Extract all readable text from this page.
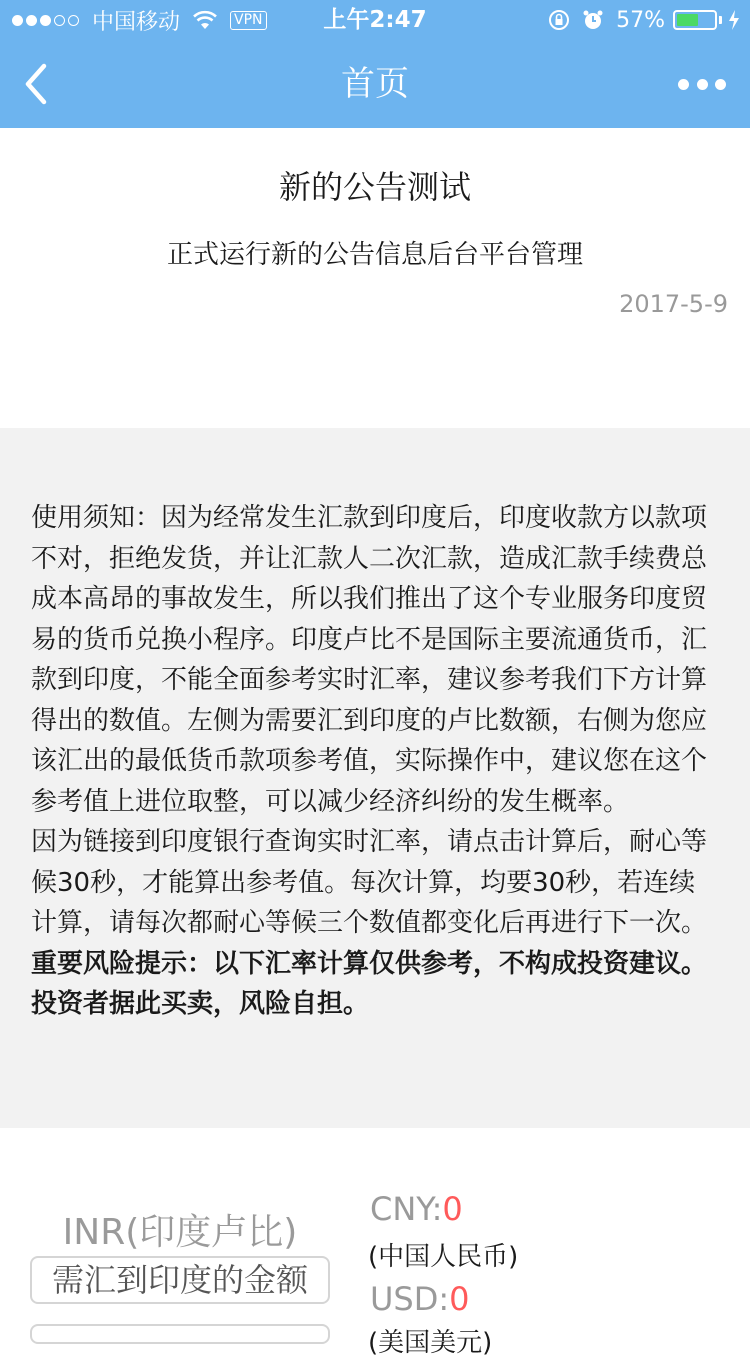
中国移动	VPN	上午2:47	57%
首页
新的公告测试
正式运行新的公告信息后台平台管理
2017-5-9

使用须知：因为经常发生汇款到印度后，印度收款方以款项不对，拒绝发货，并让汇款人二次汇款，造成汇款手续费总成本高昂的事故发生，所以我们推出了这个专业服务印度贸易的货币兑换小程序。印度卢比不是国际主要流通货币，汇款到印度，不能全面参考实时汇率，建议参考我们下方计算得出的数值。左侧为需要汇到印度的卢比数额，右侧为您应该汇出的最低货币款项参考值，实际操作中，建议您在这个参考值上进位取整，可以减少经济纠纷的发生概率。

因为链接到印度银行查询实时汇率，请点击计算后，耐心等候30秒，才能算出参考值。每次计算，均要30秒，若连续计算，请每次都耐心等候三个数值都变化后再进行下一次。

重要风险提示：以下汇率计算仅供参考，不构成投资建议。投资者据此买卖，风险自担。

INR(印度卢比)
需汇到印度的金额
CNY:0
(中国人民币)
USD:0
(美国美元)
